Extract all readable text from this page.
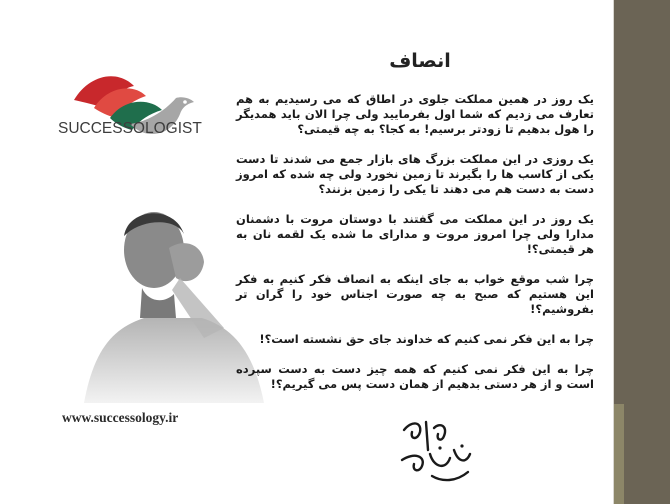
SUCCESSOLOGIST
www.successology.ir
انصاف

یک روز در همین مملکت جلوی در اطاق که می رسیدیم به هم تعارف می زدیم که شما اول بفرمایید ولی چرا الان باید همدیگر را هول بدهیم تا زودتر برسیم! به کجا؟ به چه قیمتی؟

یک روزی در این مملکت بزرگ های بازار جمع می شدند تا دست یکی از کاسب ها را بگیرند تا زمین نخورد ولی چه شده که امروز دست به دست هم می دهند تا یکی را زمین بزنند؟

یک روز در این مملکت می گفتند با دوستان مروت با دشمنان مدارا ولی چرا امروز مروت و مدارای ما شده یک لقمه نان به هر قیمتی؟!

چرا شب موقع خواب به جای اینکه به انصاف فکر کنیم به فکر این هستیم که صبح به چه صورت اجناس خود را گران تر بفروشیم؟!

چرا به این فکر نمی کنیم که خداوند جای حق نشسته است؟!

چرا به این فکر نمی کنیم که همه چیز دست به دست سپرده است و از هر دستی بدهیم از همان دست پس می گیریم؟!
